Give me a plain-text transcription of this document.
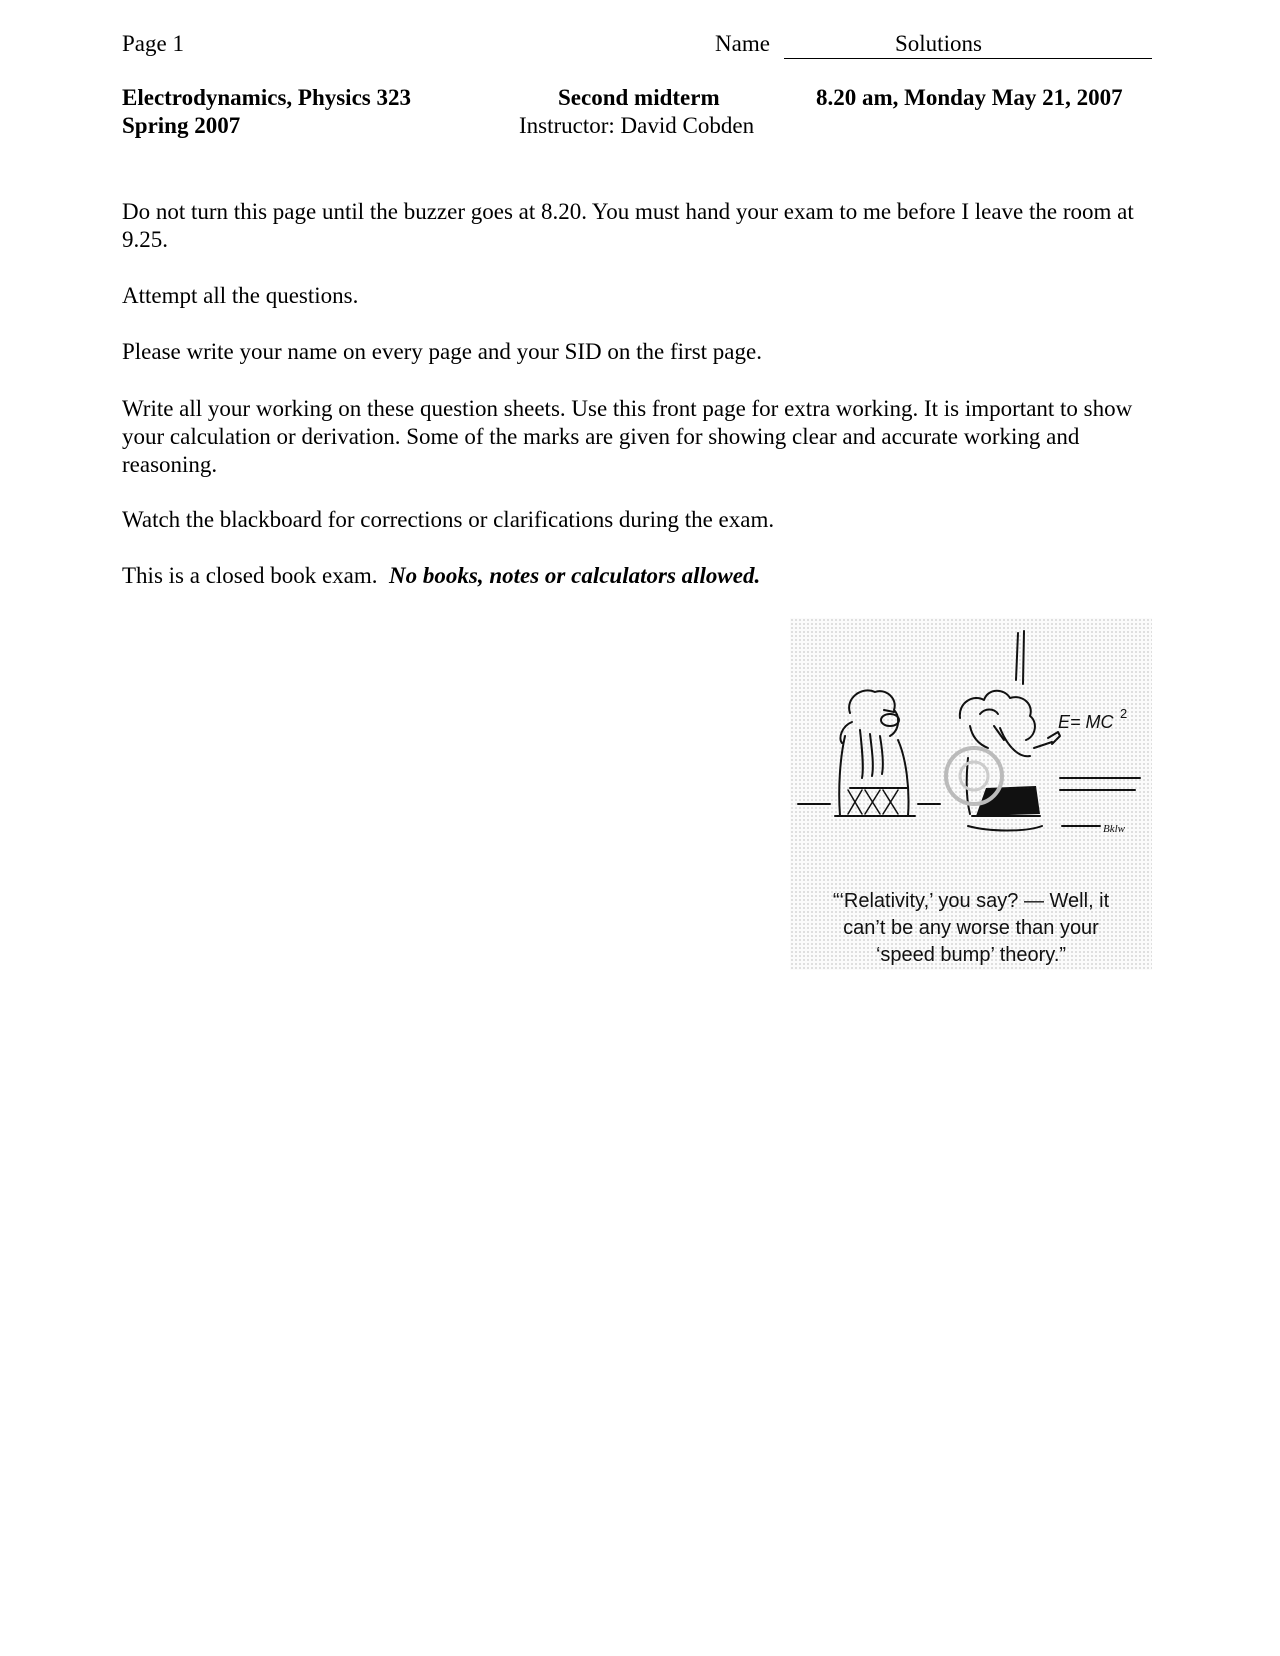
Page 1	Name	Solutions
Electrodynamics, Physics 323
Spring 2007
Second midterm
Instructor: David Cobden
8.20 am, Monday May 21, 2007
Do not turn this page until the buzzer goes at 8.20. You must hand your exam to me before I leave the room at 9.25.
Attempt all the questions.
Please write your name on every page and your SID on the first page.
Write all your working on these question sheets. Use this front page for extra working. It is important to show your calculation or derivation. Some of the marks are given for showing clear and accurate working and reasoning.
Watch the blackboard for corrections or clarifications during the exam.
This is a closed book exam. No books, notes or calculators allowed.
E= MC 2
Bklw
“‘Relativity,’ you say? — Well, it
can’t be any worse than your
‘speed bump’ theory.”
